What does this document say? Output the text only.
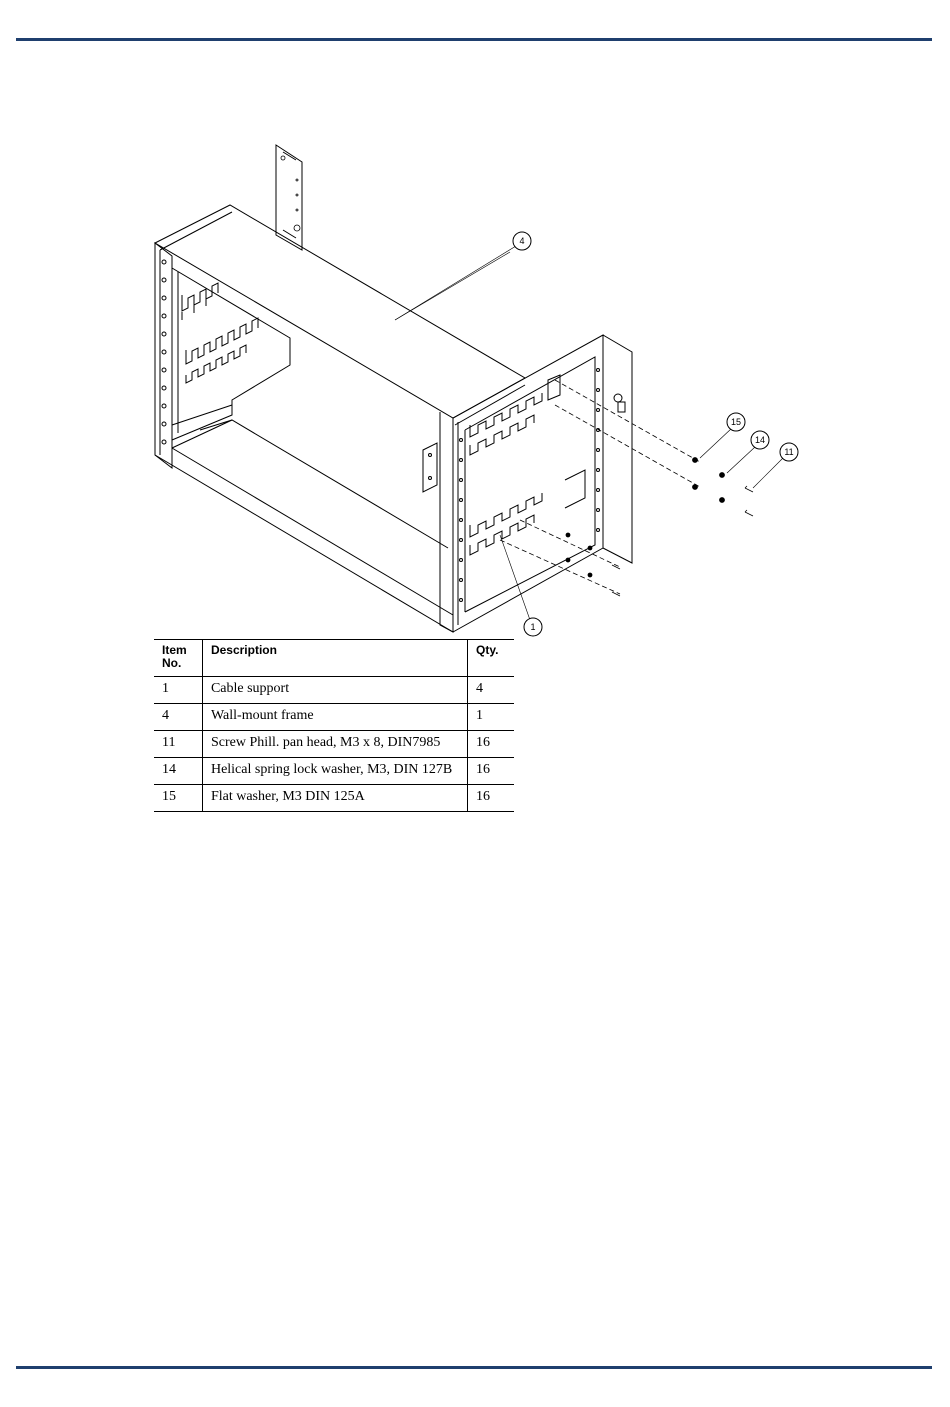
4
15
14
11
1
Item No.	Description	Qty.
1	Cable support	4
4	Wall-mount frame	1
11	Screw Phill. pan head, M3 x 8, DIN7985	16
14	Helical spring lock washer, M3, DIN 127B	16
15	Flat washer, M3 DIN 125A	16
